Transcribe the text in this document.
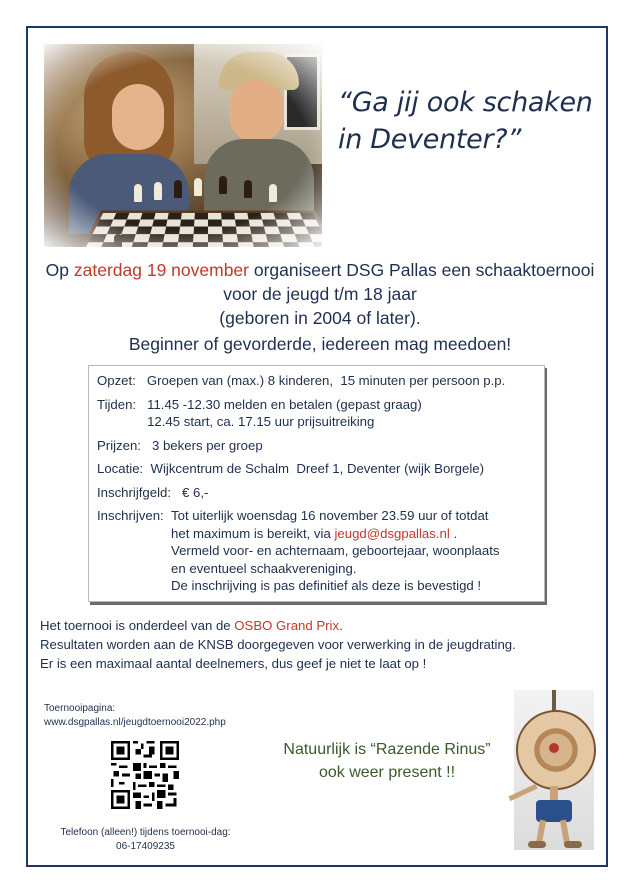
“Ga jij ook schaken
in Deventer?”
Op zaterdag 19 november organiseert DSG Pallas een schaaktoernooi
voor de jeugd t/m 18 jaar
(geboren in 2004 of later).
Beginner of gevorderde, iedereen mag meedoen!
Opzet: Groepen van (max.) 8 kinderen,  15 minuten per persoon p.p.
Tijden: 11.45 -12.30 melden en betalen (gepast graag)
12.45 start, ca. 17.15 uur prijsuitreiking
Prijzen: 3 bekers per groep
Locatie: Wijkcentrum de Schalm  Dreef 1, Deventer (wijk Borgele)
Inschrijfgeld: € 6,-
Inschrijven: Tot uiterlijk woensdag 16 november 23.59 uur of totdat
het maximum is bereikt, via jeugd@dsgpallas.nl .
Vermeld voor- en achternaam, geboortejaar, woonplaats
en eventueel schaakvereniging.
De inschrijving is pas definitief als deze is bevestigd !
Het toernooi is onderdeel van de OSBO Grand Prix.
Resultaten worden aan de KNSB doorgegeven voor verwerking in de jeugdrating.
Er is een maximaal aantal deelnemers, dus geef je niet te laat op !
Toernooipagina:
www.dsgpallas.nl/jeugdtoernooi2022.php
Natuurlijk is “Razende Rinus”
ook weer present !!
Telefoon (alleen!) tijdens toernooi-dag:
06-17409235
